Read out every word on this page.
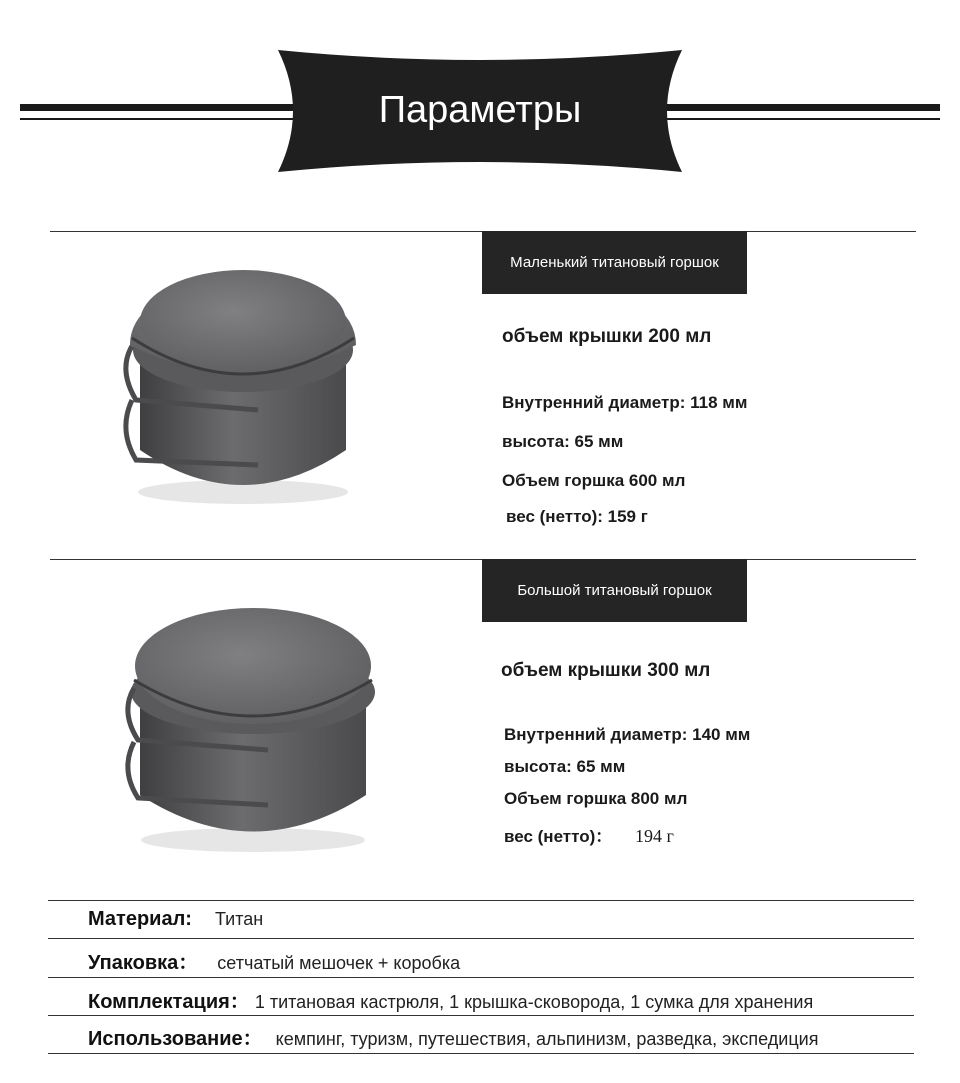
Параметры
Маленький титановый горшок
объем крышки 200 мл
Внутренний диаметр: 118 мм
высота: 65 мм
Объем горшка 600 мл
вес (нетто): 159 г
Большой титановый горшок
объем крышки 300 мл
Внутренний диаметр: 140 мм
высота: 65 мм
Объем горшка 800 мл
вес (нетто)： 194 г
Материал: Титан
Упаковка： сетчатый мешочек + коробка
Комплектация： 1 титановая кастрюля, 1 крышка-сковорода, 1 сумка для хранения
Использование： кемпинг, туризм, путешествия, альпинизм, разведка, экспедиция
